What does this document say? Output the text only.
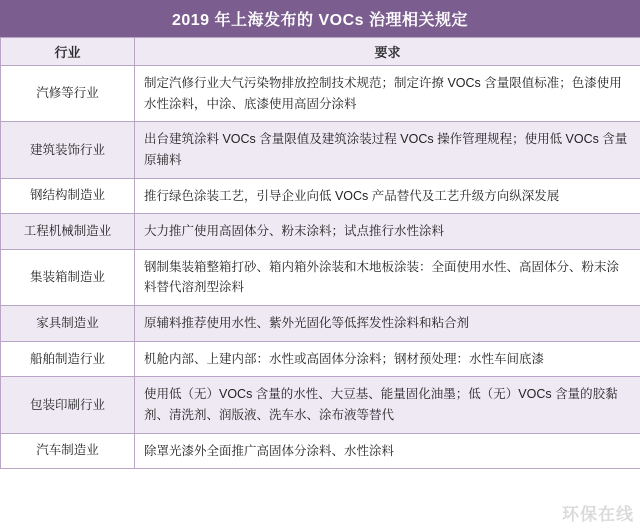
2019 年上海发布的 VOCs 治理相关规定
行业	要求
汽修等行业	制定汽修行业大气污染物排放控制技术规范；制定许撩 VOCs 含量限值标准；色漆使用水性涂料，中涂、底漆使用高固分涂料
建筑装饰行业	出台建筑涂料 VOCs 含量限值及建筑涂装过程 VOCs 操作管理规程；使用低 VOCs 含量原辅料
钢结构制造业	推行绿色涂装工艺，引导企业向低 VOCs 产品替代及工艺升级方向纵深发展
工程机械制造业	大力推广使用高固体分、粉末涂料；试点推行水性涂料
集装箱制造业	钢制集装箱整箱打砂、箱内箱外涂装和木地板涂装：全面使用水性、高固体分、粉末涂料替代溶剂型涂料
家具制造业	原辅料推荐使用水性、紫外光固化等低挥发性涂料和粘合剂
船舶制造行业	机舱内部、上建内部：水性或高固体分涂料；钢材预处理：水性车间底漆
包装印刷行业	使用低（无）VOCs 含量的水性、大豆基、能量固化油墨；低（无）VOCs 含量的胶黏剂、清洗剂、润版液、洗车水、涂布液等替代
汽车制造业	除罩光漆外全面推广高固体分涂料、水性涂料
环保在线
